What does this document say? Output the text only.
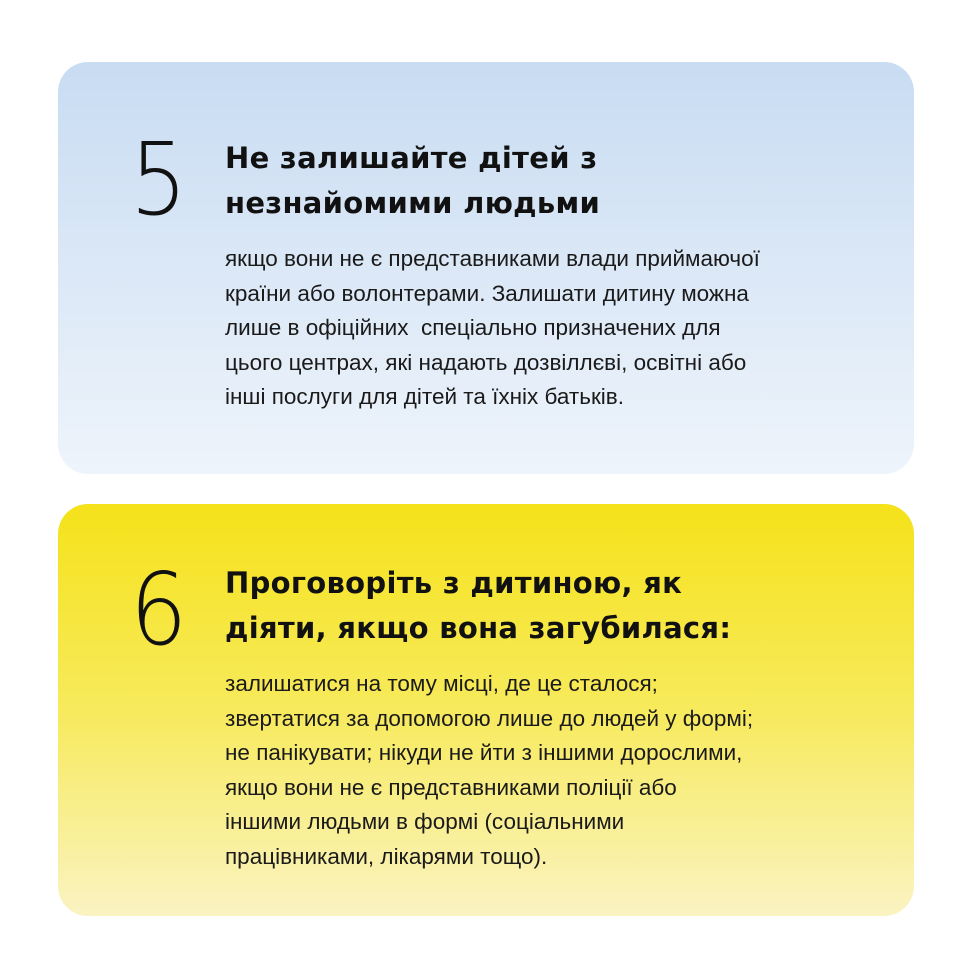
5 Не залишайте дітей з
незнайомими людьми

якщо вони не є представниками влади приймаючої
країни або волонтерами. Залишати дитину можна
лише в офіційних  спеціально призначених для
цього центрах, які надають дозвіллєві, освітні або
інші послуги для дітей та їхніх батьків.

6 Проговоріть з дитиною, як
діяти, якщо вона загубилася:

залишатися на тому місці, де це сталося;
звертатися за допомогою лише до людей у формі;
не панікувати; нікуди не йти з іншими дорослими,
якщо вони не є представниками поліції або
іншими людьми в формі (соціальними
працівниками, лікарями тощо).
